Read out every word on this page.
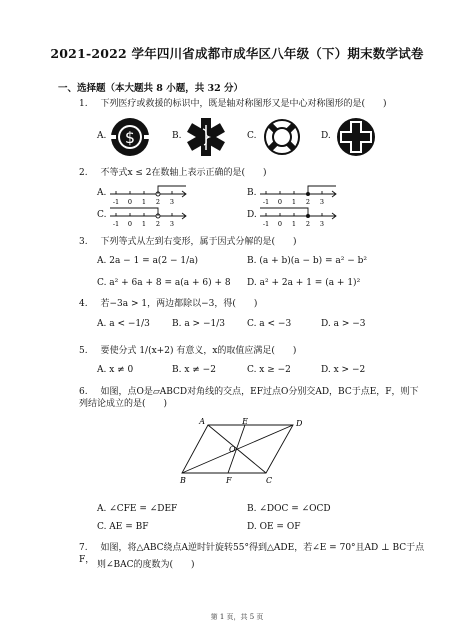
2021-2022 学年四川省成都市成华区八年级（下）期末数学试卷
一、选择题（本大题共 8 小题，共 32 分）
1. 下列医疗或救援的标识中，既是轴对称图形又是中心对称图形的是(　　)
A.	B.	C.	D.
$
2. 不等式x ≤ 2在数轴上表示正确的是(　　)
A.	B.
C.	D.
-1 0 1 2 3	-1 0 1 2 3
-1 0 1 2 3	-1 0 1 2 3
3. 下列等式从左到右变形，属于因式分解的是(　　)
A. 2a − 1 = a(2 − 1/a)	B. (a + b)(a − b) = a² − b²
C. a² + 6a + 8 = a(a + 6) + 8 D. a² + 2a + 1 = (a + 1)²
4. 若−3a > 1，两边都除以−3，得(　　)
A. a < −1/3 B. a > −1/3 C. a < −3	D. a > −3
5. 要使分式 1/(x+2) 有意义，x的取值应满足(　　)
A. x ≠ 0	B. x ≠ −2	C. x ≥ −2	D. x > −2
6. 如图，点O是▱ABCD对角线的交点，EF过点O分别交AD，BC于点E，F，则下列结论成立的是(　　)
A	E	D
O
B	F	C
A. ∠CFE = ∠DEF	B. ∠DOC = ∠OCD
C. AE = BF	D. OE = OF
7. 如图，将△ABC绕点A逆时针旋转55°得到△ADE，若∠E = 70°且AD ⊥ BC于点F， 则∠BAC的度数为(　　)
第 1 页，共 5 页
